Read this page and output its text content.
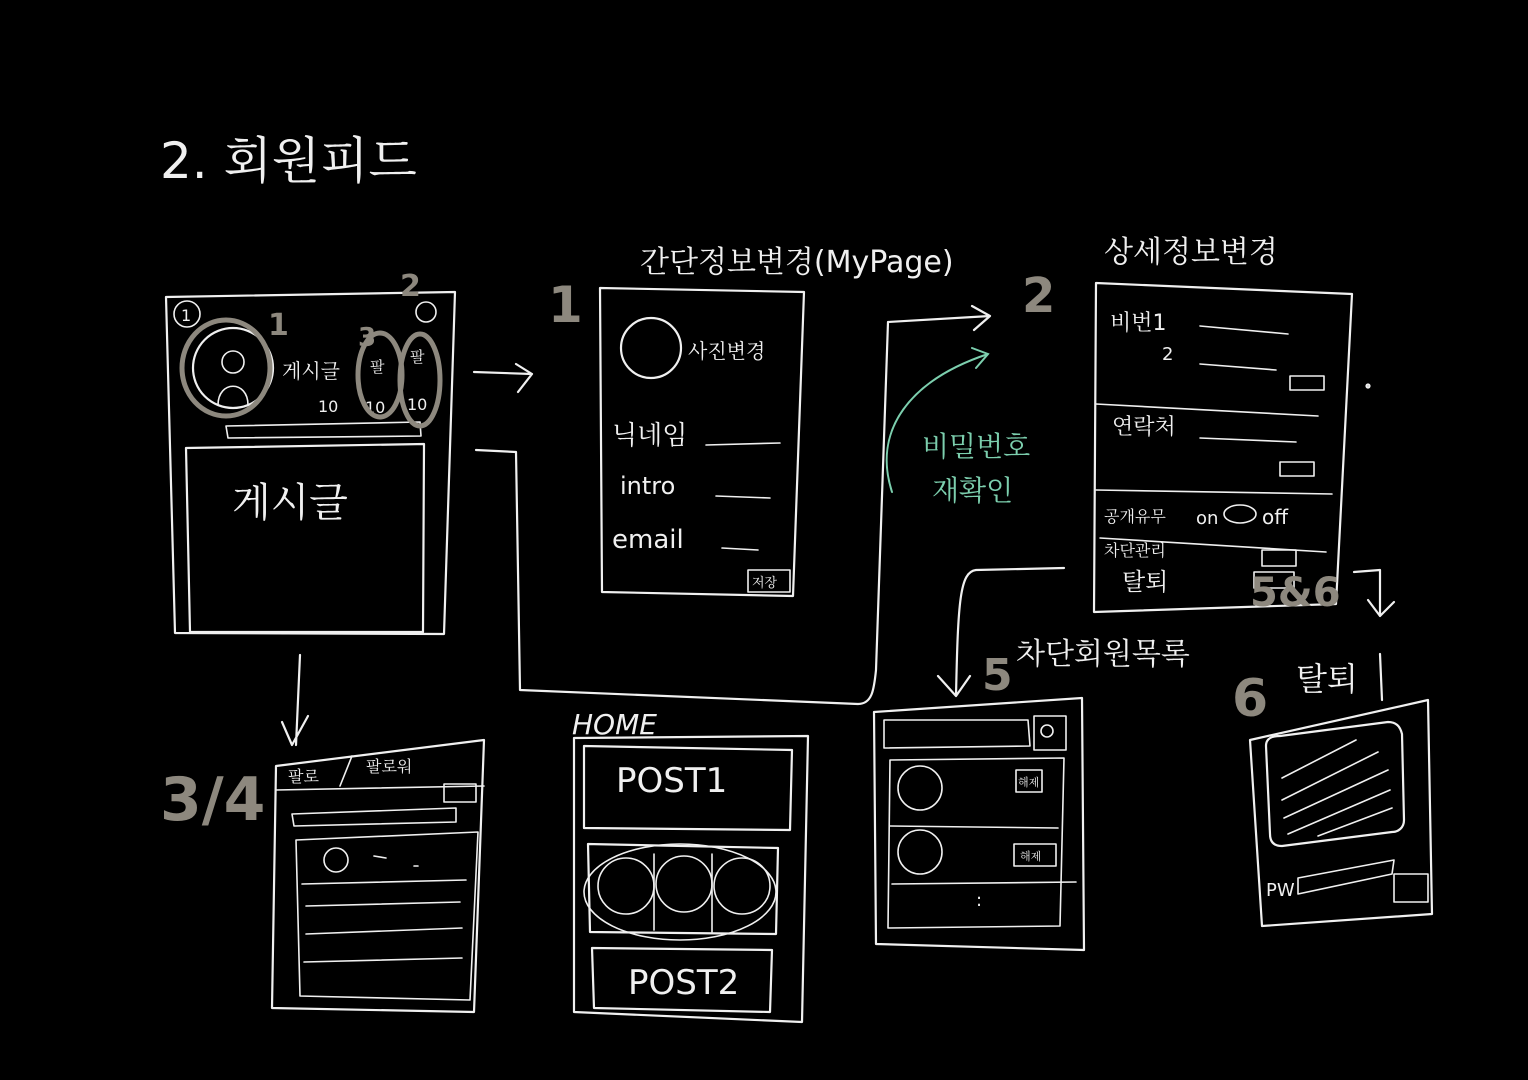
2. 회원피드
1
게시글 팔
팔
10 10 10
게시글
1
2
3
1
간단정보변경(MyPage)
사진변경
닉네임
intro
email
저장
비밀번호
재확인
2
상세정보변경
비번1
2
연락처
공개유무 on off
차단관리
탈퇴 5&6
3/4 팔로
팔로워
HOME
POST1
POST2
5 차단회원목록
해제
해제
:
6 탈퇴
PW
